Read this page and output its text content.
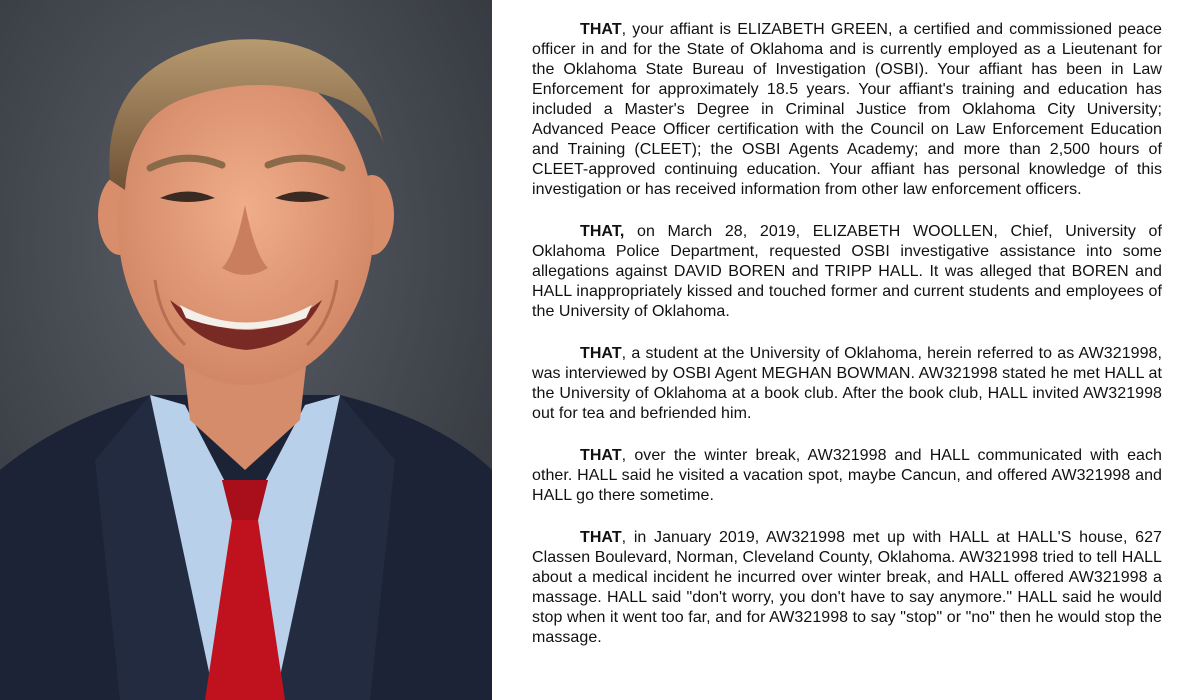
THAT, your affiant is ELIZABETH GREEN, a certified and commissioned peace officer in and for the State of Oklahoma and is currently employed as a Lieutenant for the Oklahoma State Bureau of Investigation (OSBI). Your affiant has been in Law Enforcement for approximately 18.5 years. Your affiant's training and education has included a Master's Degree in Criminal Justice from Oklahoma City University; Advanced Peace Officer certification with the Council on Law Enforcement Education and Training (CLEET); the OSBI Agents Academy; and more than 2,500 hours of CLEET-approved continuing education. Your affiant has personal knowledge of this investigation or has received information from other law enforcement officers.

THAT, on March 28, 2019, ELIZABETH WOOLLEN, Chief, University of Oklahoma Police Department, requested OSBI investigative assistance into some allegations against DAVID BOREN and TRIPP HALL. It was alleged that BOREN and HALL inappropriately kissed and touched former and current students and employees of the University of Oklahoma.

THAT, a student at the University of Oklahoma, herein referred to as AW321998, was interviewed by OSBI Agent MEGHAN BOWMAN. AW321998 stated he met HALL at the University of Oklahoma at a book club. After the book club, HALL invited AW321998 out for tea and befriended him.

THAT, over the winter break, AW321998 and HALL communicated with each other. HALL said he visited a vacation spot, maybe Cancun, and offered AW321998 and HALL go there sometime.

THAT, in January 2019, AW321998 met up with HALL at HALL'S house, 627 Classen Boulevard, Norman, Cleveland County, Oklahoma. AW321998 tried to tell HALL about a medical incident he incurred over winter break, and HALL offered AW321998 a massage. HALL said "don't worry, you don't have to say anymore." HALL said he would stop when it went too far, and for AW321998 to say "stop" or "no" then he would stop the massage.
